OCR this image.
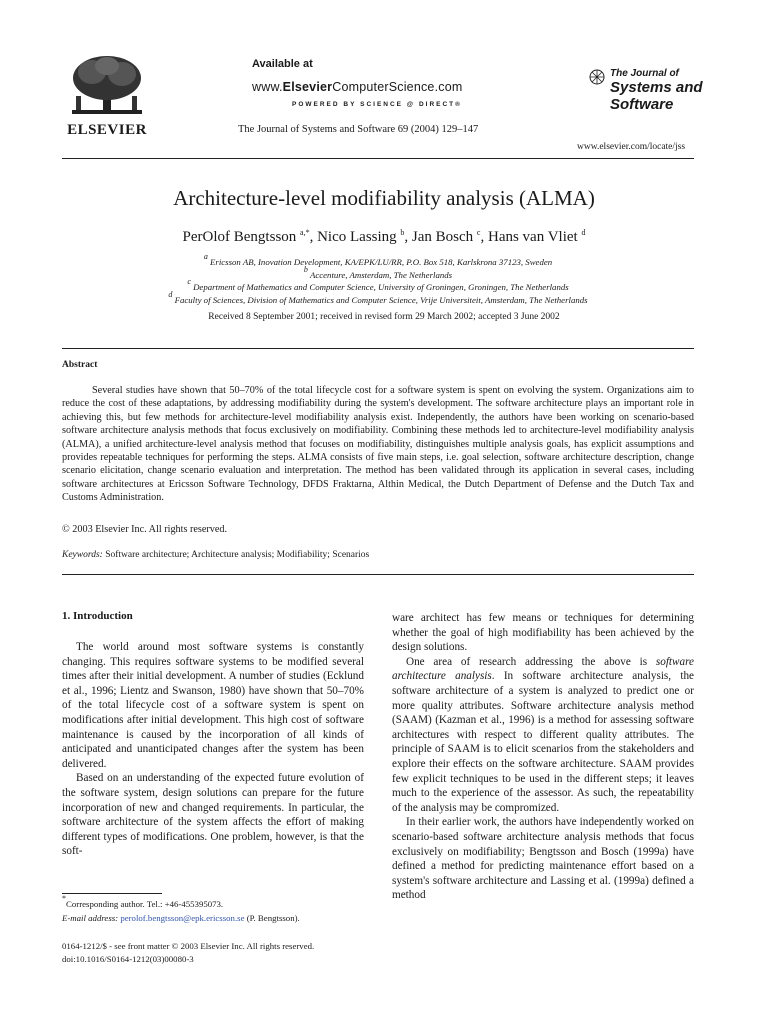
ELSEVIER
Available at
www.ElsevierComputerScience.com
POWERED BY SCIENCE @ DIRECT®
The Journal of Systems and Software 69 (2004) 129–147
The Journal of
Systems and
Software
www.elsevier.com/locate/jss
Architecture-level modifiability analysis (ALMA)
PerOlof Bengtsson $^{a,*}$, Nico Lassing $^b$, Jan Bosch $^c$, Hans van Vliet $^d$
$^a$ Ericsson AB, Inovation Development, KA/EPK/LU/RR, P.O. Box 518, Karlskrona 37123, Sweden
$^b$ Accenture, Amsterdam, The Netherlands
$^c$ Department of Mathematics and Computer Science, University of Groningen, Groningen, The Netherlands
$^d$ Faculty of Sciences, Division of Mathematics and Computer Science, Vrije Universiteit, Amsterdam, The Netherlands
Received 8 September 2001; received in revised form 29 March 2002; accepted 3 June 2002
Abstract
Several studies have shown that 50–70% of the total lifecycle cost for a software system is spent on evolving the system. Organizations aim to reduce the cost of these adaptations, by addressing modifiability during the system's development. The software architecture plays an important role in achieving this, but few methods for architecture-level modifiability analysis exist. Independently, the authors have been working on scenario-based software architecture analysis methods that focus exclusively on modifiability. Combining these methods led to architecture-level modifiability analysis (ALMA), a unified architecture-level analysis method that focuses on modifiability, distinguishes multiple analysis goals, has explicit assumptions and provides repeatable techniques for performing the steps. ALMA consists of five main steps, i.e. goal selection, software architecture description, change scenario elicitation, change scenario evaluation and interpretation. The method has been validated through its application in several cases, including software architectures at Ericsson Software Technology, DFDS Fraktarna, Althin Medical, the Dutch Department of Defense and the Dutch Tax and Customs Administration.
© 2003 Elsevier Inc. All rights reserved.
Keywords: Software architecture; Architecture analysis; Modifiability; Scenarios
1. Introduction

The world around most software systems is constantly changing. This requires software systems to be modified several times after their initial development. A number of studies (Ecklund et al., 1996; Lientz and Swanson, 1980) have shown that 50–70% of the total lifecycle cost of a software system is spent on modifications after initial development. This high cost of software maintenance is caused by the incorporation of all kinds of anticipated and unanticipated changes after the system has been delivered.

Based on an understanding of the expected future evolution of the software system, design solutions can prepare for the future incorporation of new and changed requirements. In particular, the software architecture of the system affects the effort of making different types of modifications. One problem, however, is that the soft-

ware architect has few means or techniques for determining whether the goal of high modifiability has been achieved by the design solutions.

One area of research addressing the above is software architecture analysis. In software architecture analysis, the software architecture of a system is analyzed to predict one or more quality attributes. Software architecture analysis method (SAAM) (Kazman et al., 1996) is a method for assessing software architectures with respect to different quality attributes. The principle of SAAM is to elicit scenarios from the stakeholders and explore their effects on the software architecture. SAAM provides few explicit techniques to be used in the different steps; it leaves much to the experience of the assessor. As such, the repeatability of the analysis may be compromized.

In their earlier work, the authors have independently worked on scenario-based software architecture analysis methods that focus exclusively on modifiability; Bengtsson and Bosch (1999a) have defined a method for predicting maintenance effort based on a system's software architecture and Lassing et al. (1999a) defined a method

*Corresponding author. Tel.: +46-455395073.
E-mail address: perolof.bengtsson@epk.ericsson.se (P. Bengtsson).
0164-1212/$ - see front matter © 2003 Elsevier Inc. All rights reserved.
doi:10.1016/S0164-1212(03)00080-3
